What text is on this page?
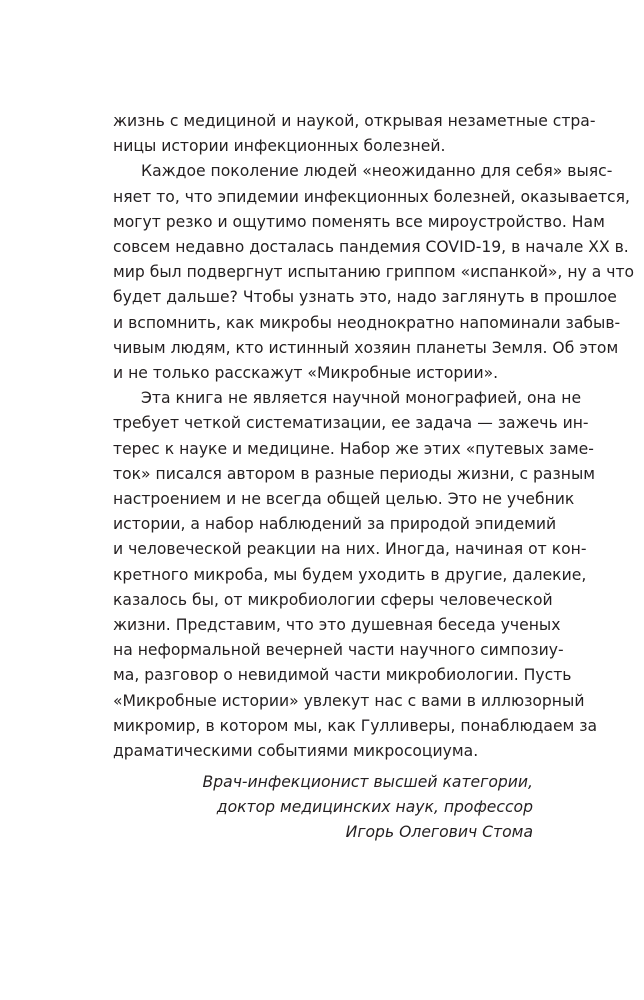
жизнь с медициной и наукой, открывая незаметные стра-
ницы истории инфекционных болезней.

Каждое поколение людей «неожиданно для себя» выяс-
няет то, что эпидемии инфекционных болезней, оказывается,
могут резко и ощутимо поменять все мироустройство. Нам
совсем недавно досталась пандемия COVID-19, в начале XX в.
мир был подвергнут испытанию гриппом «испанкой», ну а что
будет дальше? Чтобы узнать это, надо заглянуть в прошлое
и вспомнить, как микробы неоднократно напоминали забыв-
чивым людям, кто истинный хозяин планеты Земля. Об этом
и не только расскажут «Микробные истории».

Эта книга не является научной монографией, она не
требует четкой систематизации, ее задача — зажечь ин-
терес к науке и медицине. Набор же этих «путевых замe-
ток» писался автором в разные периоды жизни, с разным
настроением и не всегда общей целью. Это не учебник
истории, а набор наблюдений за природой эпидемий
и человеческой реакции на них. Иногда, начиная от кон-
кретного микроба, мы будем уходить в другие, далекие,
казалось бы, от микробиологии сферы человеческой
жизни. Представим, что это душевная беседа ученых
на неформальной вечерней части научного симпозиу-
ма, разговор о невидимой части микробиологии. Пусть
«Микробные истории» увлекут нас с вами в иллюзорный
микромир, в котором мы, как Гулливеры, понаблюдаем за
драматическими событиями микросоциума.

Врач-инфекционист высшей категории,
доктор медицинских наук, профессор
Игорь Олегович Стома
